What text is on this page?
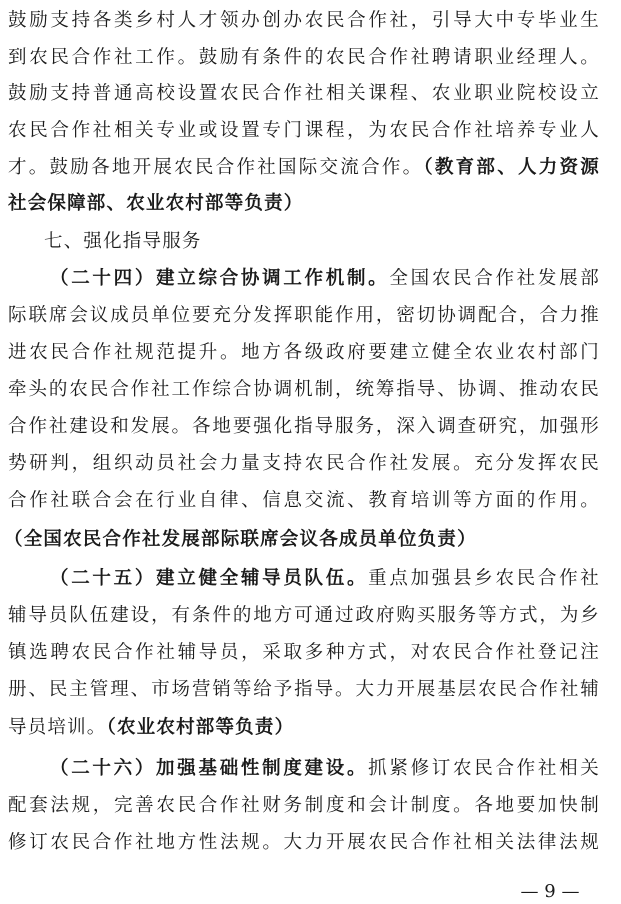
鼓励支持各类乡村人才领办创办农民合作社，引导大中专毕业生
到农民合作社工作。鼓励有条件的农民合作社聘请职业经理人。
鼓励支持普通高校设置农民合作社相关课程、农业职业院校设立
农民合作社相关专业或设置专门课程，为农民合作社培养专业人
才。鼓励各地开展农民合作社国际交流合作。（教育部、人力资源
社会保障部、农业农村部等负责）
七、强化指导服务
（二十四）建立综合协调工作机制。全国农民合作社发展部
际联席会议成员单位要充分发挥职能作用，密切协调配合，合力推
进农民合作社规范提升。地方各级政府要建立健全农业农村部门
牵头的农民合作社工作综合协调机制，统筹指导、协调、推动农民
合作社建设和发展。各地要强化指导服务，深入调查研究，加强形
势研判，组织动员社会力量支持农民合作社发展。充分发挥农民
合作社联合会在行业自律、信息交流、教育培训等方面的作用。
（全国农民合作社发展部际联席会议各成员单位负责）
（二十五）建立健全辅导员队伍。重点加强县乡农民合作社
辅导员队伍建设，有条件的地方可通过政府购买服务等方式，为乡
镇选聘农民合作社辅导员，采取多种方式，对农民合作社登记注
册、民主管理、市场营销等给予指导。大力开展基层农民合作社辅
导员培训。（农业农村部等负责）
（二十六）加强基础性制度建设。抓紧修订农民合作社相关
配套法规，完善农民合作社财务制度和会计制度。各地要加快制
修订农民合作社地方性法规。大力开展农民合作社相关法律法规
— 9 —
